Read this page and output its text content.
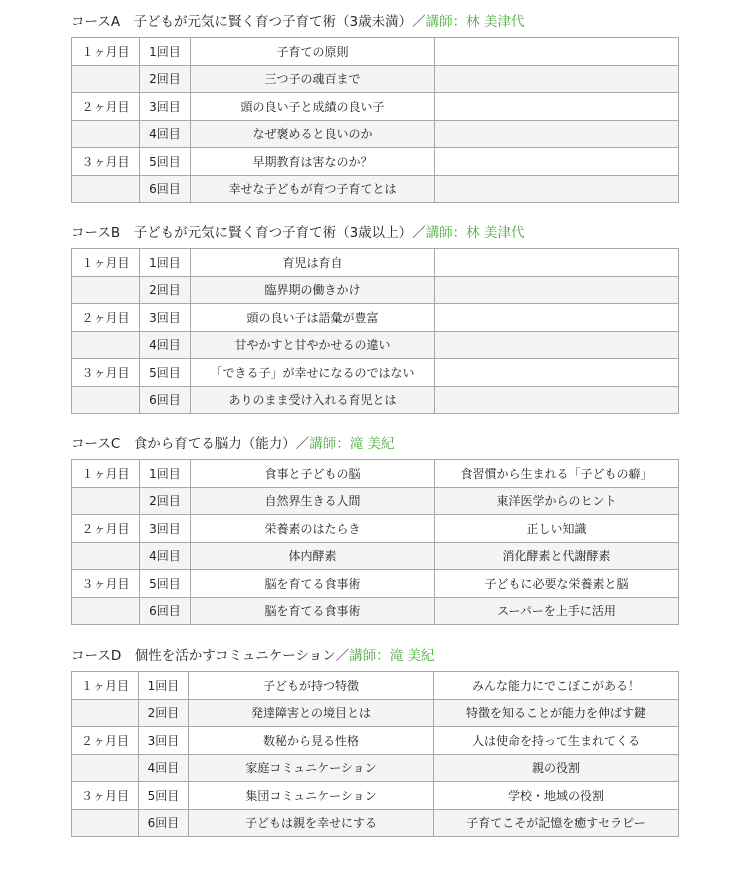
コースA　子どもが元気に賢く育つ子育て術（3歳未満）／講師：林 美津代
１ヶ月目	1回目	子育ての原則	
	2回目	三つ子の魂百まで	
２ヶ月目	3回目	頭の良い子と成績の良い子	
	4回目	なぜ褒めると良いのか	
３ヶ月目	5回目	早期教育は害なのか？	
	6回目	幸せな子どもが育つ子育てとは	
コースB　子どもが元気に賢く育つ子育て術（3歳以上）／講師：林 美津代
１ヶ月目	1回目	育児は育自	
	2回目	臨界期の働きかけ	
２ヶ月目	3回目	頭の良い子は語彙が豊富	
	4回目	甘やかすと甘やかせるの違い	
３ヶ月目	5回目	「できる子」が幸せになるのではない	
	6回目	ありのまま受け入れる育児とは	
コースC　食から育てる脳力（能力）／講師：滝 美紀
１ヶ月目	1回目	食事と子どもの脳	食習慣から生まれる「子どもの癖」
	2回目	自然界生きる人間	東洋医学からのヒント
２ヶ月目	3回目	栄養素のはたらき	正しい知識
	4回目	体内酵素	消化酵素と代謝酵素
３ヶ月目	5回目	脳を育てる食事術	子どもに必要な栄養素と脳
	6回目	脳を育てる食事術	スーパーを上手に活用
コースD　個性を活かすコミュニケーション／講師：滝 美紀
１ヶ月目	1回目	子どもが持つ特徴	みんな能力にでこぼこがある！
	2回目	発達障害との境目とは	特徴を知ることが能力を伸ばす鍵
２ヶ月目	3回目	数秘から見る性格	人は使命を持って生まれてくる
	4回目	家庭コミュニケーション	親の役割
３ヶ月目	5回目	集団コミュニケーション	学校・地域の役割
	6回目	子どもは親を幸せにする	子育てこそが記憶を癒すセラピー
